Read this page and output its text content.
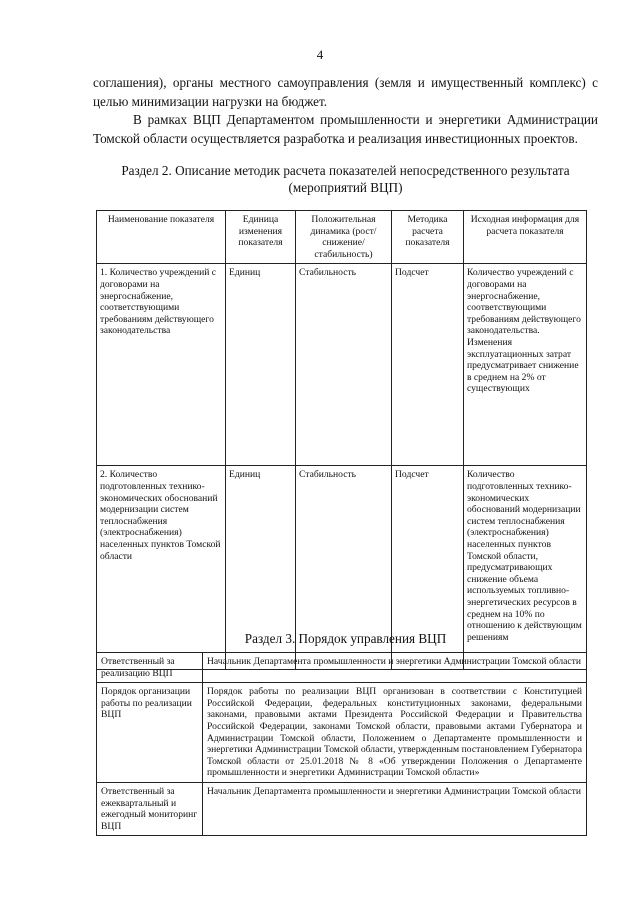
4

соглашения), органы местного самоуправления (земля и имущественный комплекс) с целью минимизации нагрузки на бюджет.

В рамках ВЦП Департаментом промышленности и энергетики Администрации Томской области осуществляется разработка и реализация инвестиционных проектов.

Раздел 2. Описание методик расчета показателей непосредственного результата (мероприятий ВЦП)
Наименование показателя	Единица изменения показателя	Положительная динамика (рост/снижение/стабильность)	Методика расчета показателя	Исходная информация для расчета показателя
1. Количество учреждений с договорами на энергоснабжение, соответствующими требованиям действующего законодательства	Единиц	Стабильность	Подсчет	Количество учреждений с договорами на энергоснабжение, соответствующими требованиям действующего законодательства. Изменения эксплуатационных затрат предусматривает снижение в среднем на 2% от существующих
2. Количество подготовленных технико-экономических обоснований модернизации систем теплоснабжения (электроснабжения) населенных пунктов Томской области	Единиц	Стабильность	Подсчет	Количество подготовленных технико-экономических обоснований модернизации систем теплоснабжения (электроснабжения) населенных пунктов Томской области, предусматривающих снижение объема используемых топливно-энергетических ресурсов в среднем на 10% по отношению к действующим решениям
Раздел 3. Порядок управления ВЦП
Ответственный за реализацию ВЦП	Начальник Департамента промышленности и энергетики Администрации Томской области
Порядок организации работы по реализации ВЦП	Порядок работы по реализации ВЦП организован в соответствии с Конституцией Российской Федерации, федеральных конституционных законами, федеральными законами, правовыми актами Президента Российской Федерации и Правительства Российской Федерации, законами Томской области, правовыми актами Губернатора и Администрации Томской области, Положением о Департаменте промышленности и энергетики Администрации Томской области, утвержденным постановлением Губернатора Томской области от 25.01.2018 № 8 «Об утверждении Положения о Департаменте промышленности и энергетики Администрации Томской области»
Ответственный за ежеквартальный и ежегодный мониторинг ВЦП	Начальник Департамента промышленности и энергетики Администрации Томской области
